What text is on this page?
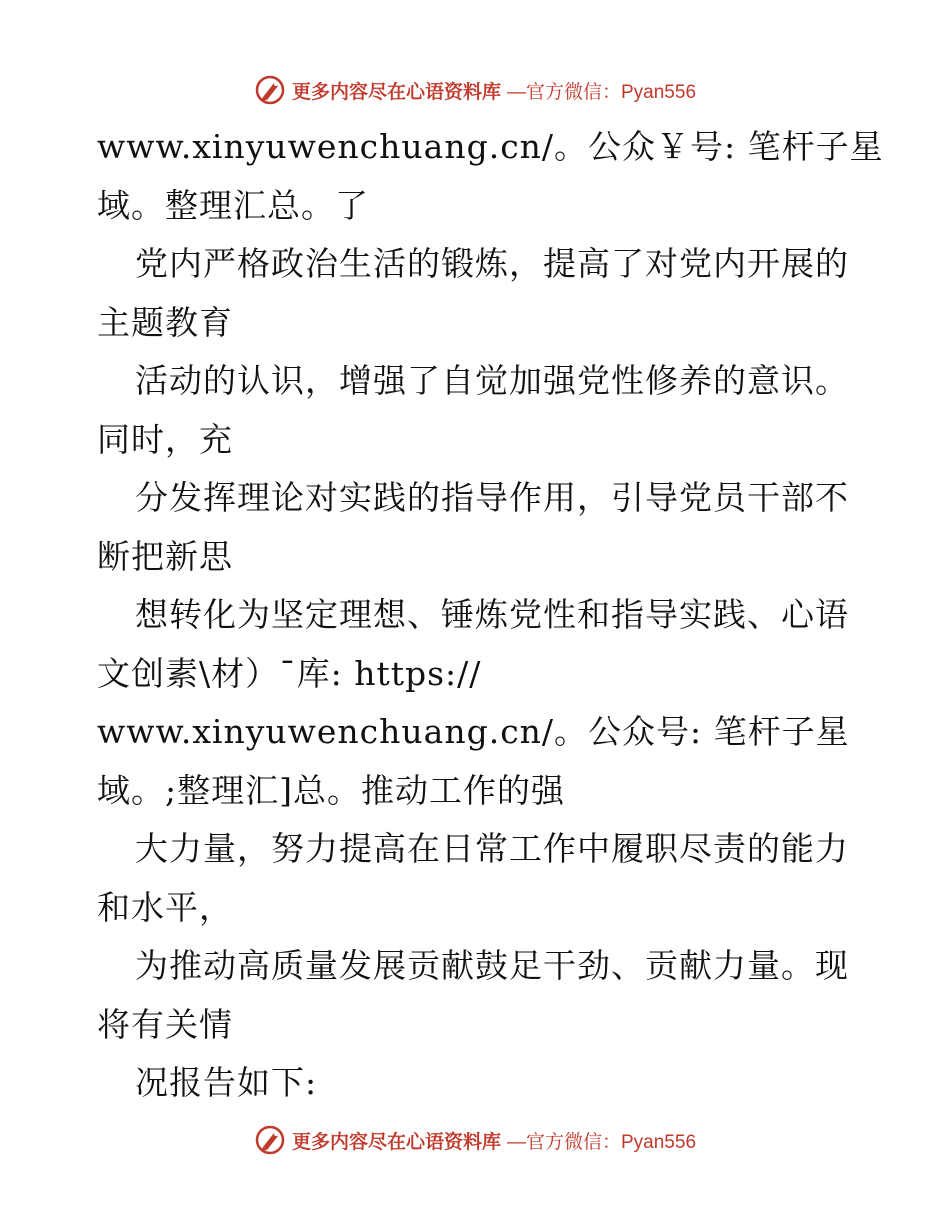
更多内容尽在心语资料库 —官方微信：Pyan556
www.xinyuwenchuang.cn/。公众￥号: 笔杆子星
域。整理汇总。了
党内严格政治生活的锻炼，提高了对党内开展的
主题教育
活动的认识，增强了自觉加强党性修养的意识。
同时，充
分发挥理论对实践的指导作用，引导党员干部不
断把新思
想转化为坚定理想、锤炼党性和指导实践、心语
文创素\材）¯库: https://
www.xinyuwenchuang.cn/。公众号: 笔杆子星
域。;整理汇]总。推动工作的强
大力量，努力提高在日常工作中履职尽责的能力
和水平，
为推动高质量发展贡献鼓足干劲、贡献力量。现
将有关情
况报告如下:
更多内容尽在心语资料库 —官方微信：Pyan556
